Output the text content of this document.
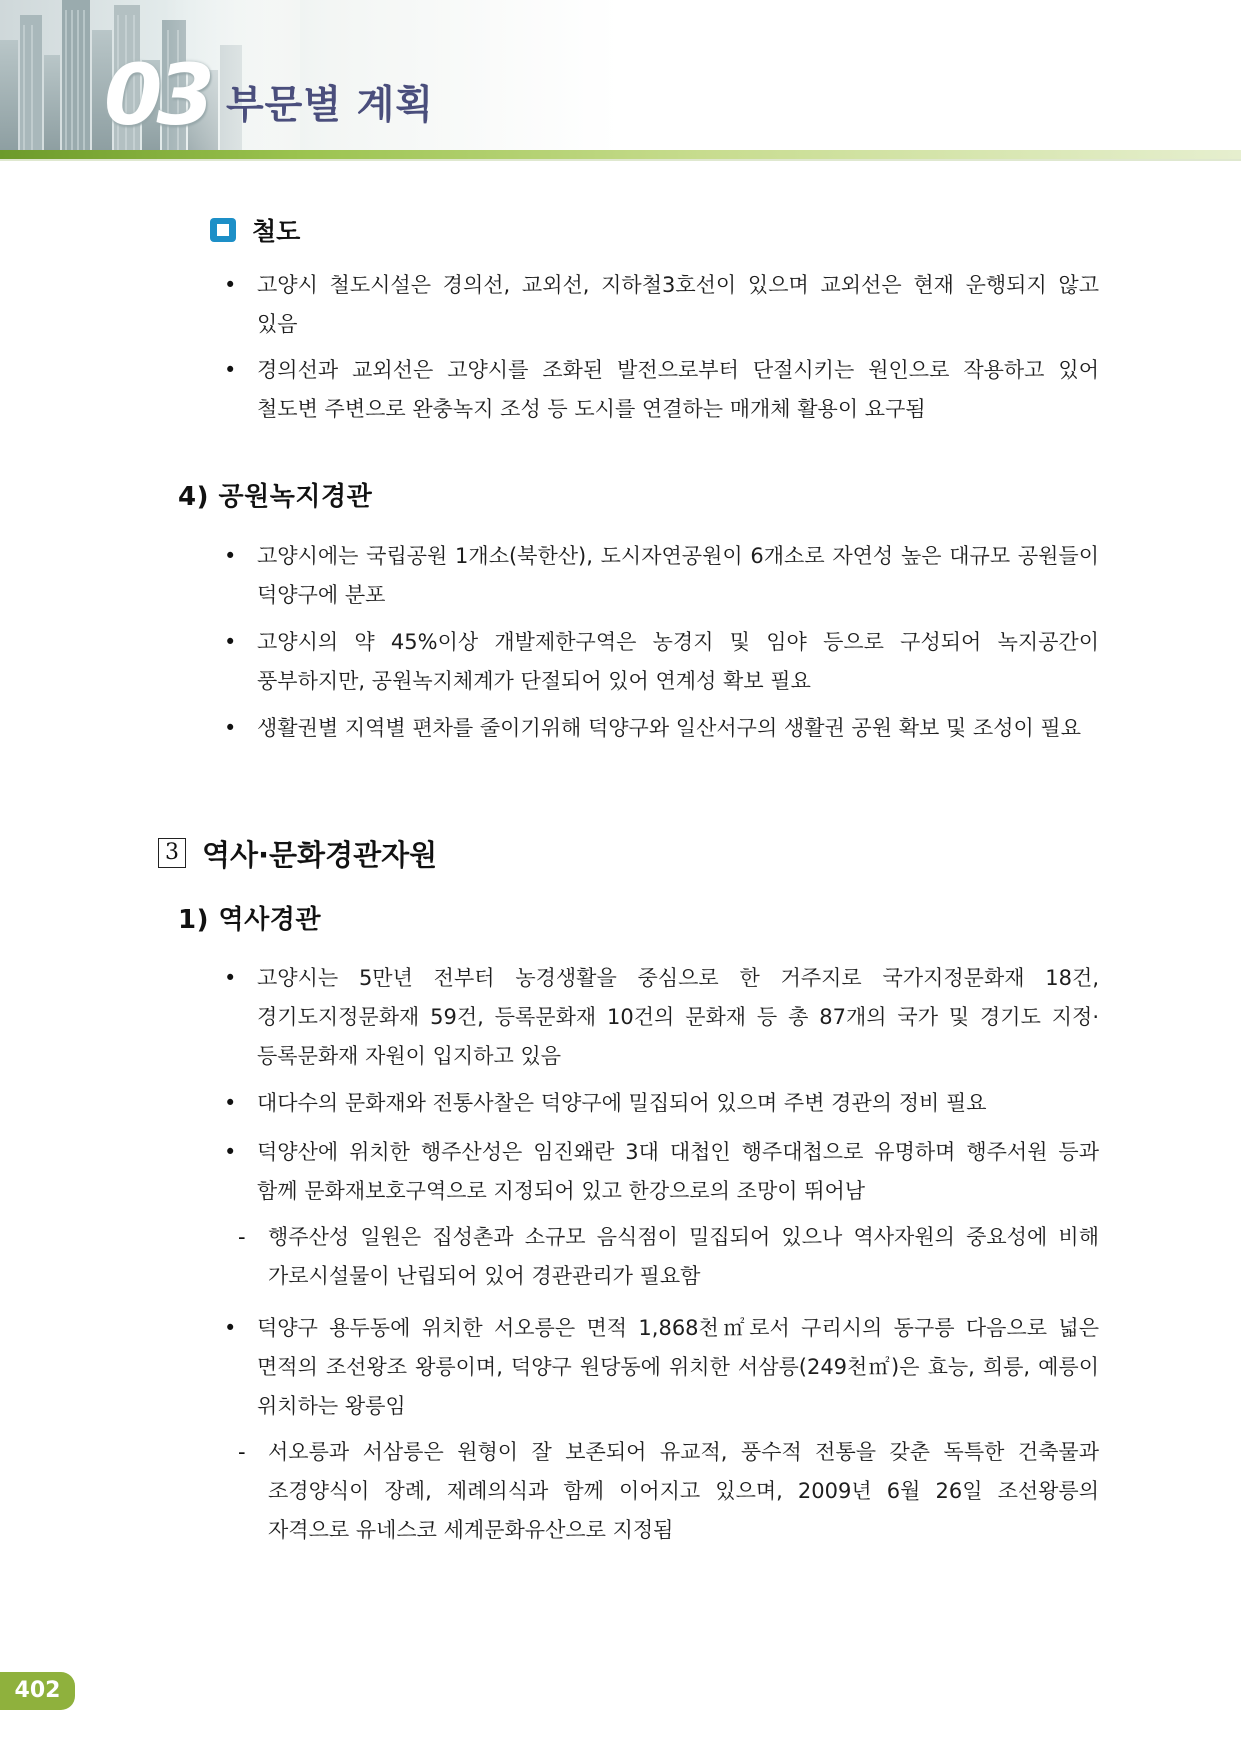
03 부문별 계획
철도
• 고양시 철도시설은 경의선, 교외선, 지하철3호선이 있으며 교외선은 현재 운행되지 않고 있음
• 경의선과 교외선은 고양시를 조화된 발전으로부터 단절시키는 원인으로 작용하고 있어 철도변 주변으로 완충녹지 조성 등 도시를 연결하는 매개체 활용이 요구됨
4) 공원녹지경관
• 고양시에는 국립공원 1개소(북한산), 도시자연공원이 6개소로 자연성 높은 대규모 공원들이 덕양구에 분포
• 고양시의 약 45%이상 개발제한구역은 농경지 및 임야 등으로 구성되어 녹지공간이 풍부하지만, 공원녹지체계가 단절되어 있어 연계성 확보 필요
• 생활권별 지역별 편차를 줄이기위해 덕양구와 일산서구의 생활권 공원 확보 및 조성이 필요
3 역사·문화경관자원
1) 역사경관
• 고양시는 5만년 전부터 농경생활을 중심으로 한 거주지로 국가지정문화재 18건, 경기도지정문화재 59건, 등록문화재 10건의 문화재 등 총 87개의 국가 및 경기도 지정·등록문화재 자원이 입지하고 있음
• 대다수의 문화재와 전통사찰은 덕양구에 밀집되어 있으며 주변 경관의 정비 필요
• 덕양산에 위치한 행주산성은 임진왜란 3대 대첩인 행주대첩으로 유명하며 행주서원 등과 함께 문화재보호구역으로 지정되어 있고 한강으로의 조망이 뛰어남
- 행주산성 일원은 집성촌과 소규모 음식점이 밀집되어 있으나 역사자원의 중요성에 비해 가로시설물이 난립되어 있어 경관관리가 필요함
• 덕양구 용두동에 위치한 서오릉은 면적 1,868천㎡로서 구리시의 동구릉 다음으로 넓은 면적의 조선왕조 왕릉이며, 덕양구 원당동에 위치한 서삼릉(249천㎡)은 효능, 희릉, 예릉이 위치하는 왕릉임
- 서오릉과 서삼릉은 원형이 잘 보존되어 유교적, 풍수적 전통을 갖춘 독특한 건축물과 조경양식이 장례, 제례의식과 함께 이어지고 있으며, 2009년 6월 26일 조선왕릉의 자격으로 유네스코 세계문화유산으로 지정됨
402
